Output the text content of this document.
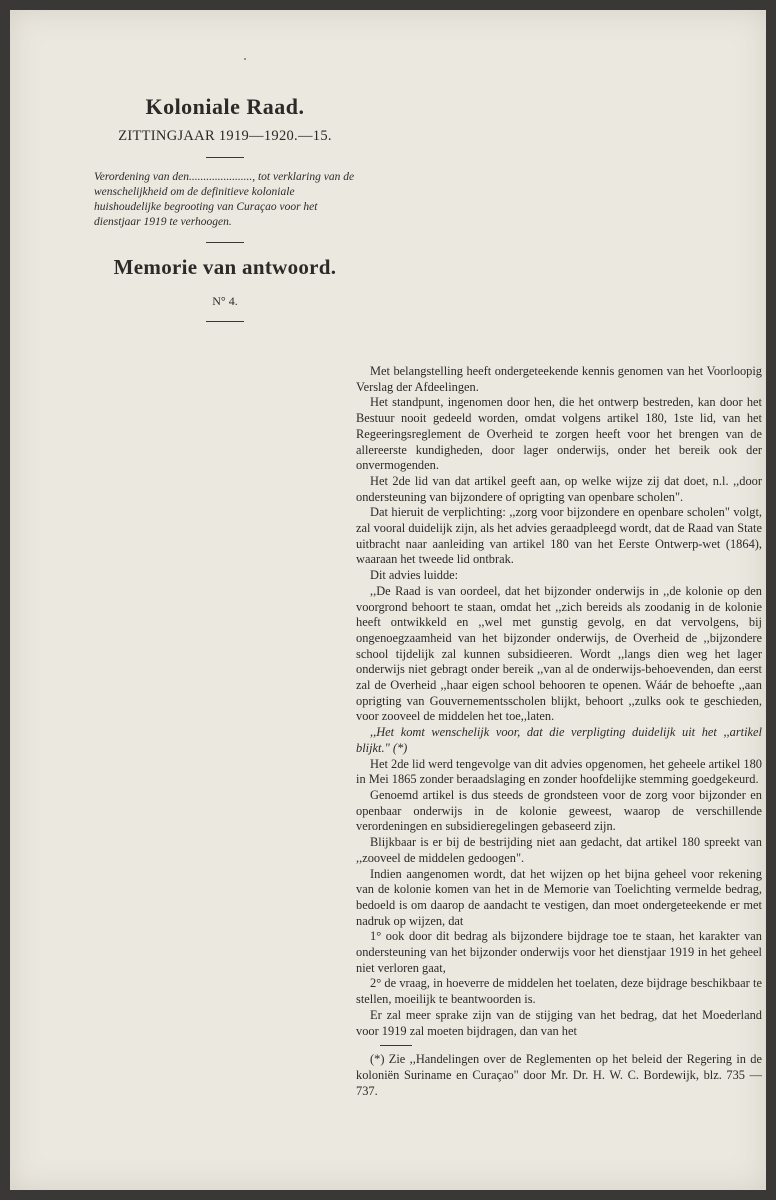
Koloniale Raad.

ZITTINGJAAR 1919—1920.—15.

Verordening van den......................, tot verklaring van de wenschelijkheid om de definitieve koloniale huishoudelijke begrooting van Curaçao voor het dienstjaar 1919 te verhoogen.

Memorie van antwoord.

N° 4.

Met belangstelling heeft ondergeteekende kennis genomen van het Voorloopig Verslag der Afdeelingen.

Het standpunt, ingenomen door hen, die het ontwerp bestreden, kan door het Bestuur nooit gedeeld worden, omdat volgens artikel 180, 1ste lid, van het Regeeringsreglement de Overheid te zorgen heeft voor het brengen van de allereerste kundigheden, door lager onderwijs, onder het bereik ook der onvermogenden.

Het 2de lid van dat artikel geeft aan, op welke wijze zij dat doet, n.l. ,,door ondersteuning van bijzondere of oprigting van openbare scholen".

Dat hieruit de verplichting: ,,zorg voor bijzondere en openbare scholen" volgt, zal vooral duidelijk zijn, als het advies geraadpleegd wordt, dat de Raad van State uitbracht naar aanleiding van artikel 180 van het Eerste Ontwerp-wet (1864), waaraan het tweede lid ontbrak.

Dit advies luidde:

,,De Raad is van oordeel, dat het bijzonder onderwijs in ,,de kolonie op den voorgrond behoort te staan, omdat het ,,zich bereids als zoodanig in de kolonie heeft ontwikkeld en ,,wel met gunstig gevolg, en dat vervolgens, bij ongenoegzaamheid van het bijzonder onderwijs, de Overheid de ,,bijzondere school tijdelijk zal kunnen subsidieeren. Wordt ,,langs dien weg het lager onderwijs niet gebragt onder bereik ,,van al de onderwijs-behoevenden, dan eerst zal de Overheid ,,haar eigen school behooren te openen. Wáár de behoefte ,,aan oprigting van Gouvernementsscholen blijkt, behoort ,,zulks ook te geschieden, voor zooveel de middelen het toe,,laten.

,,Het komt wenschelijk voor, dat die verpligting duidelijk uit het ,,artikel blijkt." (*)

Het 2de lid werd tengevolge van dit advies opgenomen, het geheele artikel 180 in Mei 1865 zonder beraadslaging en zonder hoofdelijke stemming goedgekeurd.

Genoemd artikel is dus steeds de grondsteen voor de zorg voor bijzonder en openbaar onderwijs in de kolonie geweest, waarop de verschillende verordeningen en subsidieregelingen gebaseerd zijn.

Blijkbaar is er bij de bestrijding niet aan gedacht, dat artikel 180 spreekt van ,,zooveel de middelen gedoogen".

Indien aangenomen wordt, dat het wijzen op het bijna geheel voor rekening van de kolonie komen van het in de Memorie van Toelichting vermelde bedrag, bedoeld is om daarop de aandacht te vestigen, dan moet ondergeteekende er met nadruk op wijzen, dat

1° ook door dit bedrag als bijzondere bijdrage toe te staan, het karakter van ondersteuning van het bijzonder onderwijs voor het dienstjaar 1919 in het geheel niet verloren gaat,

2° de vraag, in hoeverre de middelen het toelaten, deze bijdrage beschikbaar te stellen, moeilijk te beantwoorden is.

Er zal meer sprake zijn van de stijging van het bedrag, dat het Moederland voor 1919 zal moeten bijdragen, dan van het

(*) Zie ,,Handelingen over de Reglementen op het beleid der Regering in de koloniën Suriname en Curaçao" door Mr. Dr. H. W. C. Bordewijk, blz. 735 — 737.
